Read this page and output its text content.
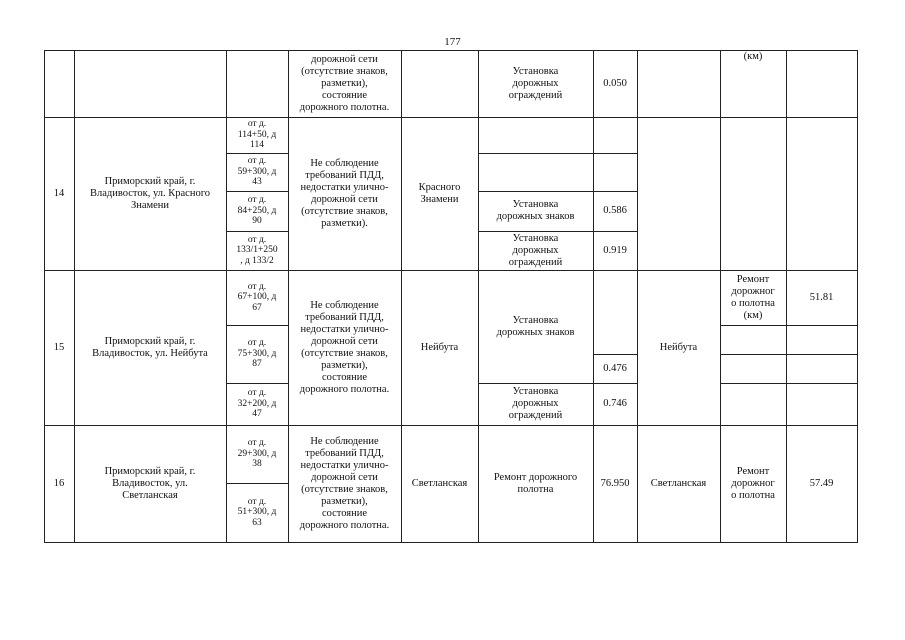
177
дорожной сети
(отсутствие знаков,
разметки),
состояние
дорожного полотна.
Установка
дорожных
ограждений
0.050
(км)
14
Приморский край, г.
Владивосток, ул. Красного
Знамени
от д.
114+50, д
114
от д.
59+300, д
43
от д.
84+250, д
90
от д.
133/1+250
, д 133/2
Не соблюдение
требований ПДД,
недостатки улично-
дорожной сети
(отсутствие знаков,
разметки).
Красного
Знамени	Установка
дорожных знаков
0.586
Установка
дорожных
ограждений
0.919
15
Приморский край, г.
Владивосток, ул. Нейбута
от д.
67+100, д
67
от д.
75+300, д
87
от д.
32+200, д
47
Не соблюдение
требований ПДД,
недостатки улично-
дорожной сети
(отсутствие знаков,
разметки),
состояние
дорожного полотна.
Нейбута
Установка
дорожных знаков
0.476
Установка
дорожных
ограждений
0.746
Нейбута
Ремонт
дорожног
о полотна
(км)
51.81
16
Приморский край, г.
Владивосток, ул.
Светланская
от д.
29+300, д
38
от д.
51+300, д
63
Не соблюдение
требований ПДД,
недостатки улично-
дорожной сети
(отсутствие знаков,
разметки),
состояние
дорожного полотна.
Светланская
Ремонт дорожного
полотна
76.950	Светланская
Ремонт
дорожног
о полотна
57.49
